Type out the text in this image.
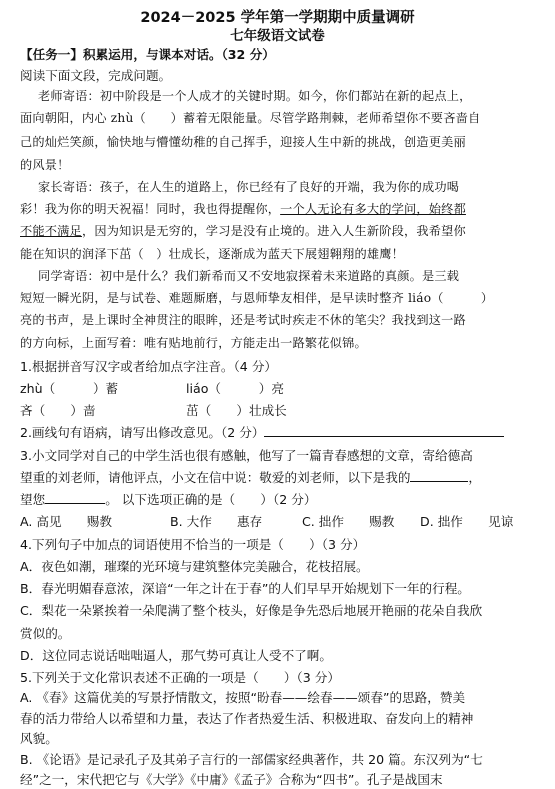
2024－2025 学年第一学期期中质量调研
七年级语文试卷
【任务一】积累运用，与课本对话。（32 分）
阅读下面文段，完成问题。
老师寄语：初中阶段是一个人成才的关键时期。如今，你们都站在新的起点上，
面向朝阳，内心 zhù（　　）蓄着无限能量。尽管学路荆棘，老师希望你不要吝啬自
己的灿烂笑颜，愉快地与懵懂幼稚的自己挥手，迎接人生中新的挑战，创造更美丽
的风景！
家长寄语：孩子，在人生的道路上，你已经有了良好的开端，我为你的成功喝
彩！我为你的明天祝福！同时，我也得提醒你，一个人无论有多大的学问，始终都
不能不满足，因为知识是无穷的，学习是没有止境的。进入人生新阶段，我希望你
能在知识的润泽下茁（　）壮成长，逐渐成为蓝天下展翅翱翔的雄鹰！
同学寄语：初中是什么？我们新希而又不安地寂探着未来道路的真颜。是三载
短短一瞬光阴，是与试卷、难题厮磨，与恩师挚友相伴，是早读时整齐 liáo（　　　）
亮的书声，是上课时全神贯注的眼眸，还是考试时疾走不休的笔尖？我找到这一路
的方向标，上面写着：唯有贴地前行，方能走出一路繁花似锦。
1.根据拼音写汉字或者给加点字注音。（4 分）
zhù（　　　）蓄	liáo（　　　）亮
吝（　　）啬	茁（　　）壮成长
2.画线句有语病，请写出修改意见。（2 分）
3.小文同学对自己的中学生活也很有感触，他写了一篇青春感想的文章，寄给德高
望重的刘老师，请他评点，小文在信中说：敬爱的刘老师，以下是我的	，
望您	。 以下选项正确的是（　　）（2 分）
A. 高见　　赐教	B. 大作　　惠存	C. 拙作　　赐教 D. 拙作　　见谅
4.下列句子中加点的词语使用不恰当的一项是（　　）（3 分）
A．夜色如潮，璀璨的光环境与建筑整体完美融合，花枝招展。
B．春光明媚春意浓，深谙“一年之计在于春”的人们早早开始规划下一年的行程。
C．梨花一朵紧挨着一朵爬满了整个枝头，好像是争先恐后地展开艳丽的花朵自我欣
赏似的。
D．这位同志说话咄咄逼人，那气势可真让人受不了啊。
5.下列关于文化常识表述不正确的一项是（　　）（3 分）
A. 《春》这篇优美的写景抒情散文，按照“盼春——绘春——颂春”的思路，赞美
春的活力带给人以希望和力量，表达了作者热爱生活、积极进取、奋发向上的精神
风貌。
B. 《论语》是记录孔子及其弟子言行的一部儒家经典著作，共 20 篇。东汉列为“七
经”之一，宋代把它与《大学》《中庸》《孟子》合称为“四书”。孔子是战国末
